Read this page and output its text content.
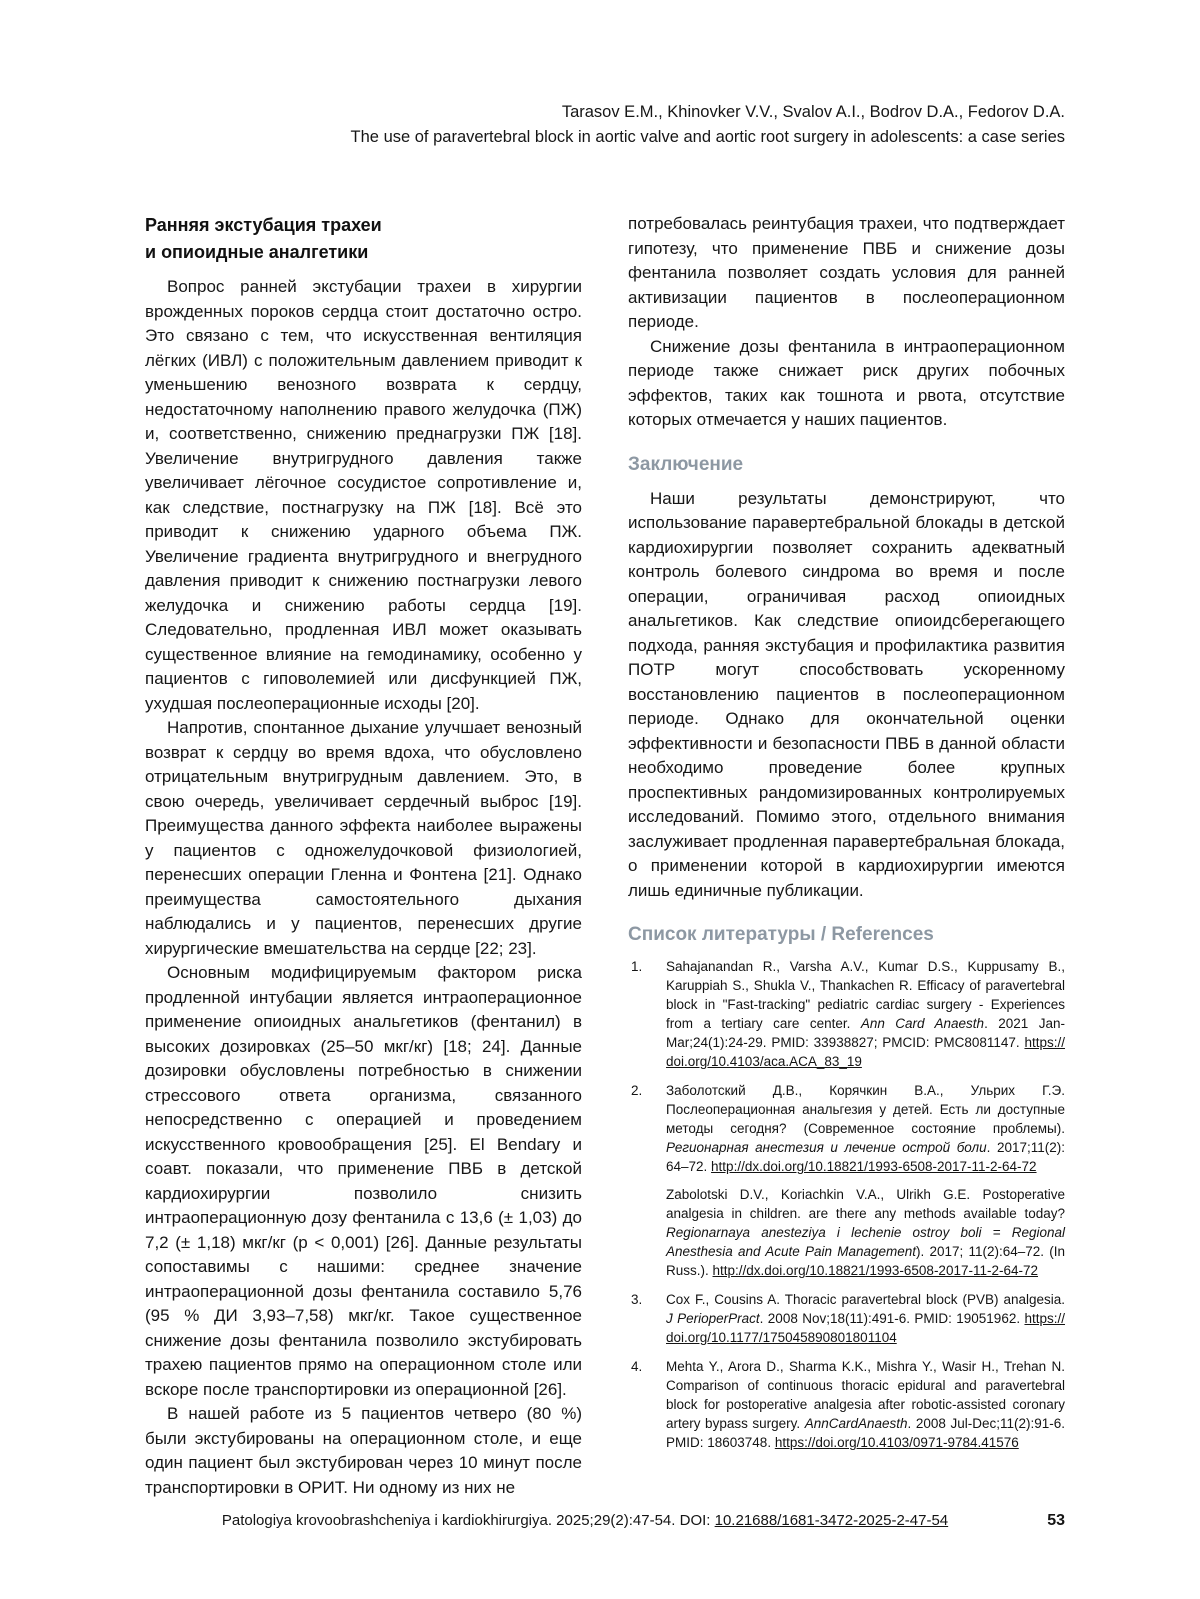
Tarasov E.M., Khinovker V.V., Svalov A.I., Bodrov D.A., Fedorov D.A.
The use of paravertebral block in aortic valve and aortic root surgery in adolescents: a case series
Ранняя экстубация трахеи
и опиоидные аналгетики

Вопрос ранней экстубации трахеи в хирургии врожденных пороков сердца стоит достаточно остро. Это связано с тем, что искусственная вентиляция лёгких (ИВЛ) с положительным давлением приводит к уменьшению венозного возврата к сердцу, недостаточному наполнению правого желудочка (ПЖ) и, соответственно, снижению преднагрузки ПЖ [18]. Увеличение внутригрудного давления также увеличивает лёгочное сосудистое сопротивление и, как следствие, постнагрузку на ПЖ [18]. Всё это приводит к снижению ударного объема ПЖ. Увеличение градиента внутригрудного и внегрудного давления приводит к снижению постнагрузки левого желудочка и снижению работы сердца [19]. Следовательно, продленная ИВЛ может оказывать существенное влияние на гемодинамику, особенно у пациентов с гиповолемией или дисфункцией ПЖ, ухудшая послеоперационные исходы [20].

Напротив, спонтанное дыхание улучшает венозный возврат к сердцу во время вдоха, что обусловлено отрицательным внутригрудным давлением. Это, в свою очередь, увеличивает сердечный выброс [19]. Преимущества данного эффекта наиболее выражены у пациентов с одножелудочковой физиологией, перенесших операции Гленна и Фонтена [21]. Однако преимущества самостоятельного дыхания наблюдались и у пациентов, перенесших другие хирургические вмешательства на сердце [22; 23].

Основным модифицируемым фактором риска продленной интубации является интраоперационное применение опиоидных анальгетиков (фентанил) в высоких дозировках (25–50 мкг/кг) [18; 24]. Данные дозировки обусловлены потребностью в снижении стрессового ответа организма, связанного непосредственно с операцией и проведением искусственного кровообращения [25]. El Bendary и соавт. показали, что применение ПВБ в детской кардиохирургии позволило снизить интраоперационную дозу фентанила с 13,6 (± 1,03) до 7,2 (± 1,18) мкг/кг (p < 0,001) [26]. Данные результаты сопоставимы с нашими: среднее значение интраоперационной дозы фентанила составило 5,76 (95 % ДИ 3,93–7,58) мкг/кг. Такое существенное снижение дозы фентанила позволило экстубировать трахею пациентов прямо на операционном столе или вскоре после транспортировки из операционной [26].

В нашей работе из 5 пациентов четверо (80 %) были экстубированы на операционном столе, и еще один пациент был экстубирован через 10 минут после транспортировки в ОРИТ. Ни одному из них не

потребовалась реинтубация трахеи, что подтверждает гипотезу, что применение ПВБ и снижение дозы фентанила позволяет создать условия для ранней активизации пациентов в послеоперационном периоде.

Снижение дозы фентанила в интраоперационном периоде также снижает риск других побочных эффектов, таких как тошнота и рвота, отсутствие которых отмечается у наших пациентов.

Заключение

Наши результаты демонстрируют, что использование паравертебральной блокады в детской кардиохирургии позволяет сохранить адекватный контроль болевого синдрома во время и после операции, ограничивая расход опиоидных анальгетиков. Как следствие опиоидсберегающего подхода, ранняя экстубация и профилактика развития ПОТР могут способствовать ускоренному восстановлению пациентов в послеоперационном периоде. Однако для окончательной оценки эффективности и безопасности ПВБ в данной области необходимо проведение более крупных проспективных рандомизированных контролируемых исследований. Помимо этого, отдельного внимания заслуживает продленная паравертебральная блокада, о применении которой в кардиохирургии имеются лишь единичные публикации.

Список литературы / References
1.	Sahajanandan R., Varsha A.V., Kumar D.S., Kuppusamy B., Karuppiah S., Shukla V., Thankachen R. Efficacy of paravertebral block in "Fast-tracking" pediatric cardiac surgery - Experiences from a tertiary care center. Ann Card Anaesth. 2021 Jan-Mar;24(1):24-29. PMID: 33938827; PMCID: PMC8081147. https://doi.org/10.4103/aca.ACA_83_19

2.	Заболотский Д.В., Корячкин В.А., Ульрих Г.Э. Послеоперационная анальгезия у детей. Есть ли доступные методы сегодня? (Современное состояние проблемы). Регионарная анестезия и лечение острой боли. 2017;11(2): 64–72. http://dx.doi.org/10.18821/1993-6508-2017-11-2-64-72

Zabolotski D.V., Koriachkin V.A., Ulrikh G.E. Postoperative analgesia in children. are there any methods available today? Regionarnaya anesteziya i lechenie ostroy boli = Regional Anesthesia and Acute Pain Management). 2017; 11(2):64–72. (In Russ.). http://dx.doi.org/10.18821/1993-6508-2017-11-2-64-72

3.	Cox F., Cousins A. Thoracic paravertebral block (PVB) analgesia. J PerioperPract. 2008 Nov;18(11):491-6. PMID: 19051962. https://doi.org/10.1177/175045890801801104

4.	Mehta Y., Arora D., Sharma K.K., Mishra Y., Wasir H., Trehan N. Comparison of continuous thoracic epidural and paravertebral block for postoperative analgesia after robotic-assisted coronary artery bypass surgery. AnnCardAnaesth. 2008 Jul-Dec;11(2):91-6. PMID: 18603748. https://doi.org/10.4103/0971-9784.41576

Patologiya krovoobrashcheniya i kardiokhirurgiya. 2025;29(2):47-54. DOI: 10.21688/1681-3472-2025-2-47-54	53
